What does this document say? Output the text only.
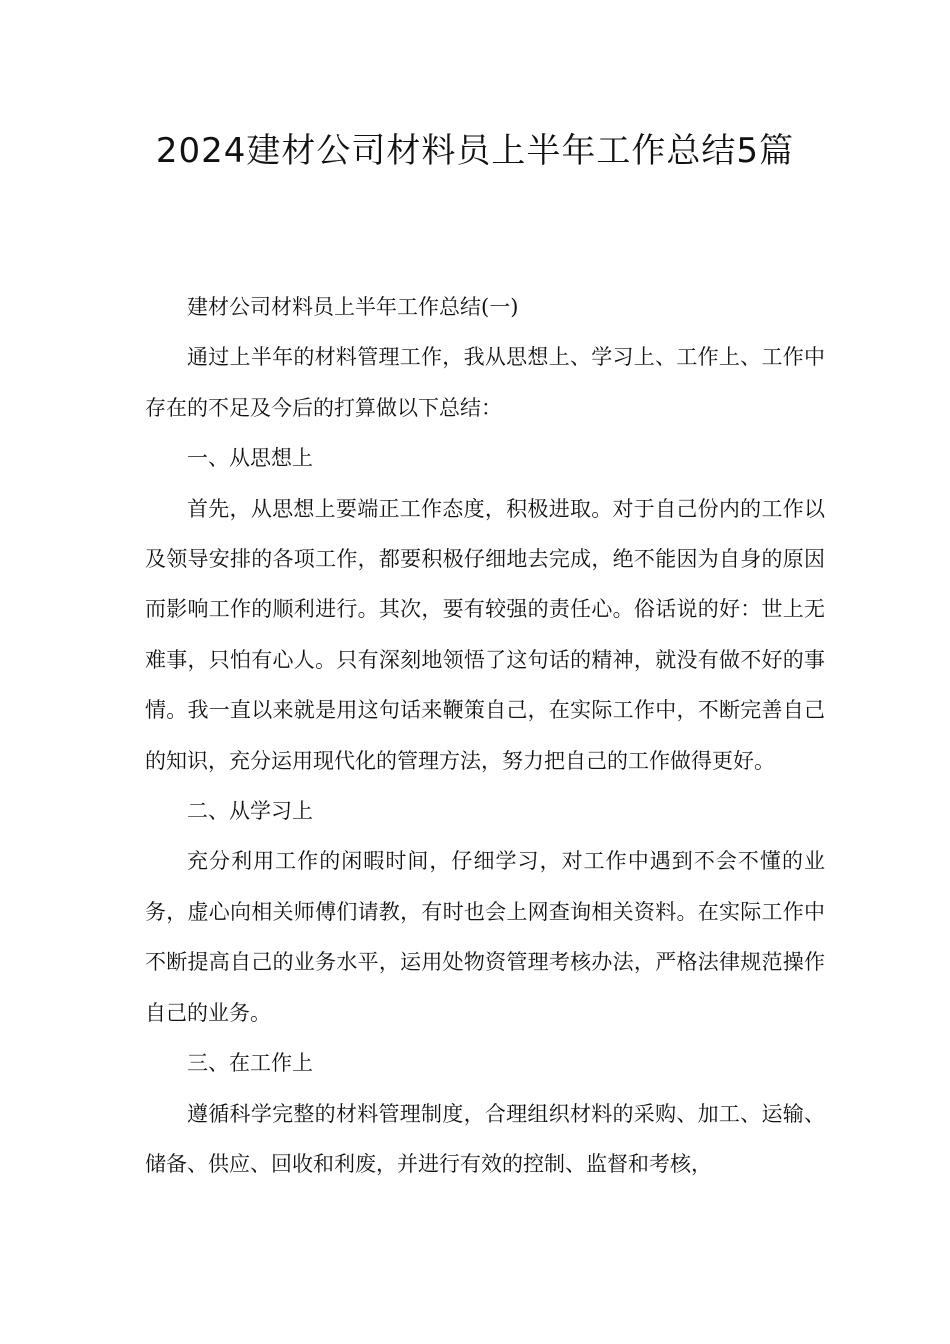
2024建材公司材料员上半年工作总结5篇

建材公司材料员上半年工作总结(一)

通过上半年的材料管理工作，我从思想上、学习上、工作上、工作中存在的不足及今后的打算做以下总结：

一、从思想上

首先，从思想上要端正工作态度，积极进取。对于自己份内的工作以及领导安排的各项工作，都要积极仔细地去完成，绝不能因为自身的原因而影响工作的顺利进行。其次，要有较强的责任心。俗话说的好：世上无难事，只怕有心人。只有深刻地领悟了这句话的精神，就没有做不好的事情。我一直以来就是用这句话来鞭策自己，在实际工作中，不断完善自己的知识，充分运用现代化的管理方法，努力把自己的工作做得更好。

二、从学习上

充分利用工作的闲暇时间，仔细学习，对工作中遇到不会不懂的业务，虚心向相关师傅们请教，有时也会上网查询相关资料。在实际工作中不断提高自己的业务水平，运用处物资管理考核办法，严格法律规范操作自己的业务。

三、在工作上

遵循科学完整的材料管理制度，合理组织材料的采购、加工、运输、储备、供应、回收和利废，并进行有效的控制、监督和考核，
